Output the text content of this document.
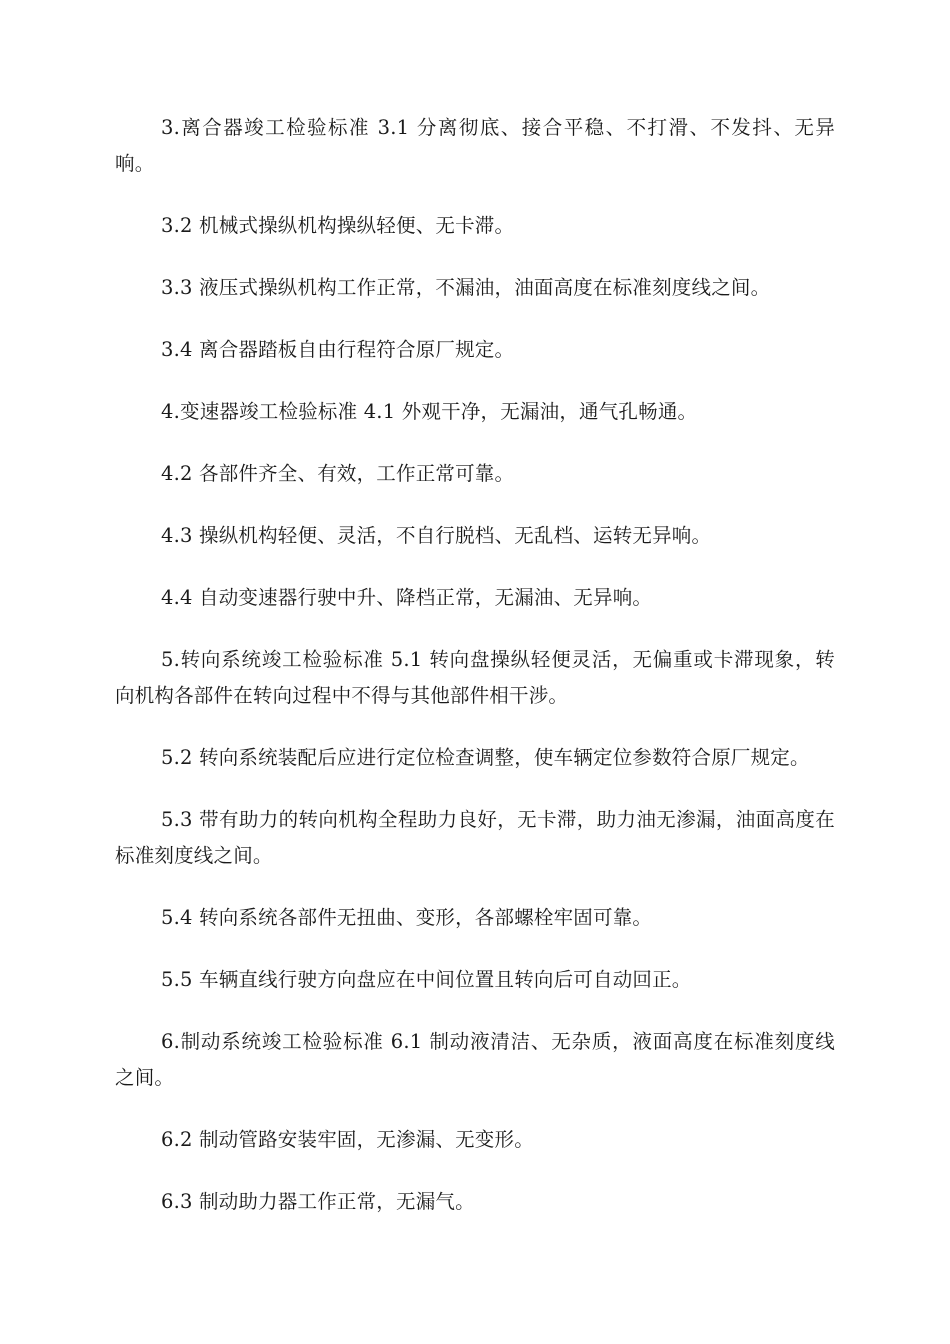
3.离合器竣工检验标准 3.1 分离彻底、接合平稳、不打滑、不发抖、无异响。

3.2 机械式操纵机构操纵轻便、无卡滞。

3.3 液压式操纵机构工作正常，不漏油，油面高度在标准刻度线之间。

3.4 离合器踏板自由行程符合原厂规定。

4.变速器竣工检验标准 4.1 外观干净，无漏油，通气孔畅通。

4.2 各部件齐全、有效，工作正常可靠。

4.3 操纵机构轻便、灵活，不自行脱档、无乱档、运转无异响。

4.4 自动变速器行驶中升、降档正常，无漏油、无异响。

5.转向系统竣工检验标准 5.1 转向盘操纵轻便灵活，无偏重或卡滞现象，转向机构各部件在转向过程中不得与其他部件相干涉。

5.2 转向系统装配后应进行定位检查调整，使车辆定位参数符合原厂规定。

5.3 带有助力的转向机构全程助力良好，无卡滞，助力油无渗漏，油面高度在标准刻度线之间。

5.4 转向系统各部件无扭曲、变形，各部螺栓牢固可靠。

5.5 车辆直线行驶方向盘应在中间位置且转向后可自动回正。

6.制动系统竣工检验标准 6.1 制动液清洁、无杂质，液面高度在标准刻度线之间。

6.2 制动管路安装牢固，无渗漏、无变形。

6.3 制动助力器工作正常，无漏气。
